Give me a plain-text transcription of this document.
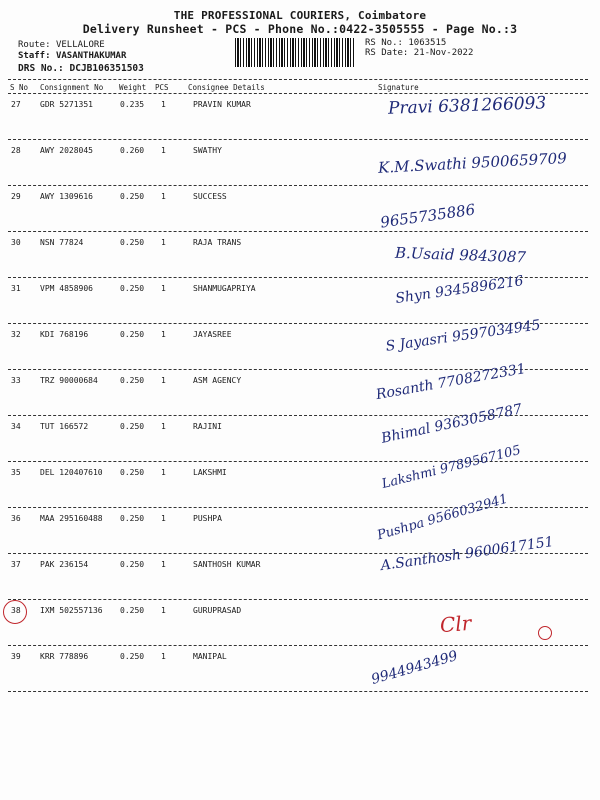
THE PROFESSIONAL COURIERS, Coimbatore
Delivery Runsheet - PCS - Phone No.:0422-3505555 - Page No.:3
Route: VELLALORE
Staff: VASANTHAKUMAR
DRS No.: DCJB106351503
RS No.: 1063515
RS Date: 21-Nov-2022
S No Consignment No Weight PCS	Consignee Details	Signature
27 GDR 5271351	0.235 1	PRAVIN KUMAR	Pravi 6381266093
28 AWY 2028045	0.260 1	SWATHY	K.M.Swathi 9500659709
29 AWY 1309616	0.250 1	SUCCESS
9655735886
30 NSN 77824	0.250 1	RAJA TRANS
B.Usaid 9843087
31 VPM 4858906	0.250 1	SHANMUGAPRIYA	Shyn 9345896216
32 KDI 768196	0.250 1	JAYASREE	S Jayasri 9597034945
33 TRZ 90000684	0.250 1	ASM AGENCY	Rosanth 7708272331
34 TUT 166572	0.250 1	RAJINI	Bhimal 9363058787
35 DEL 120407610 0.250 1	LAKSHMI	Lakshmi 9789567105
36 MAA 295160488 0.250 1	PUSHPA	Pushpa 9566032941
37 PAK 236154	0.250 1	SANTHOSH KUMAR	A.Santhosh 9600617151
38 IXM 502557136 0.250 1	GURUPRASAD
Clr
39 KRR 778896	0.250 1	MANIPAL	9944943499
